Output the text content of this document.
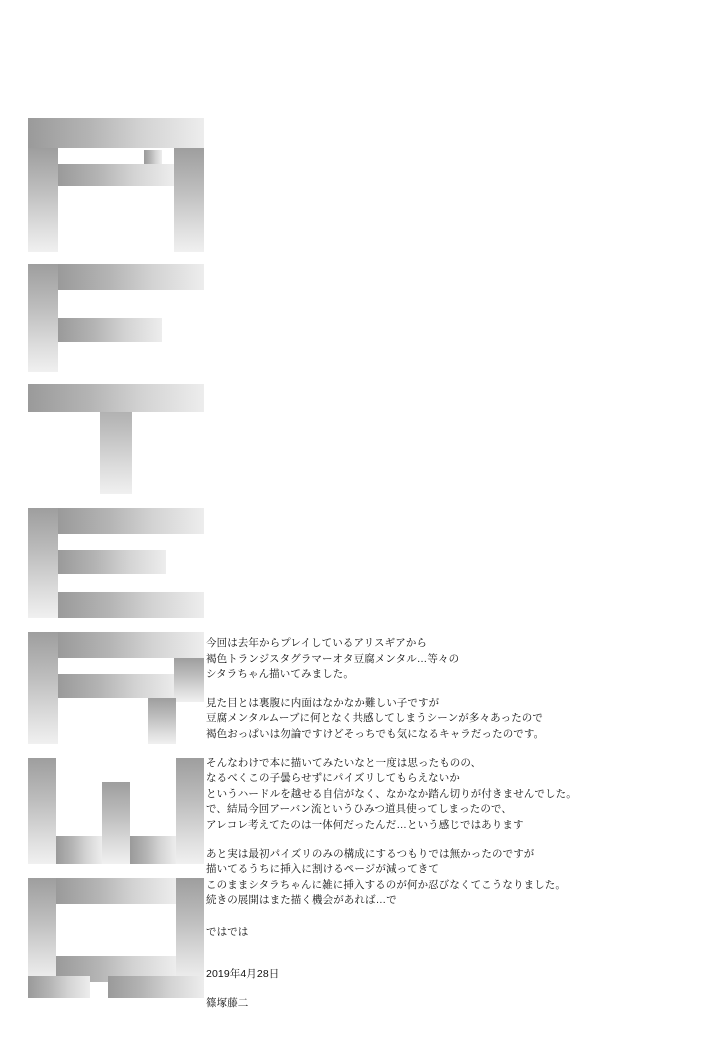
今回は去年からプレイしているアリスギアから
褐色トランジスタグラマーオタ豆腐メンタル…等々の
シタラちゃん描いてみました。

見た目とは裏腹に内面はなかなか難しい子ですが
豆腐メンタルムーブに何となく共感してしまうシーンが多々あったので
褐色おっぱいは勿論ですけどそっちでも気になるキャラだったのです。

そんなわけで本に描いてみたいなと一度は思ったものの、
なるべくこの子曇らせずにパイズリしてもらえないか
というハードルを越せる自信がなく、なかなか踏ん切りが付きませんでした。
で、結局今回アーバン流というひみつ道具使ってしまったので、
アレコレ考えてたのは一体何だったんだ…という感じではあります

あと実は最初パイズリのみの構成にするつもりでは無かったのですが
描いてるうちに挿入に割けるページが減ってきて
このままシタラちゃんに雑に挿入するのが何か忍びなくてこうなりました。
続きの展開はまた描く機会があれば…で

ではでは

2019年4月28日

篠塚藤二
